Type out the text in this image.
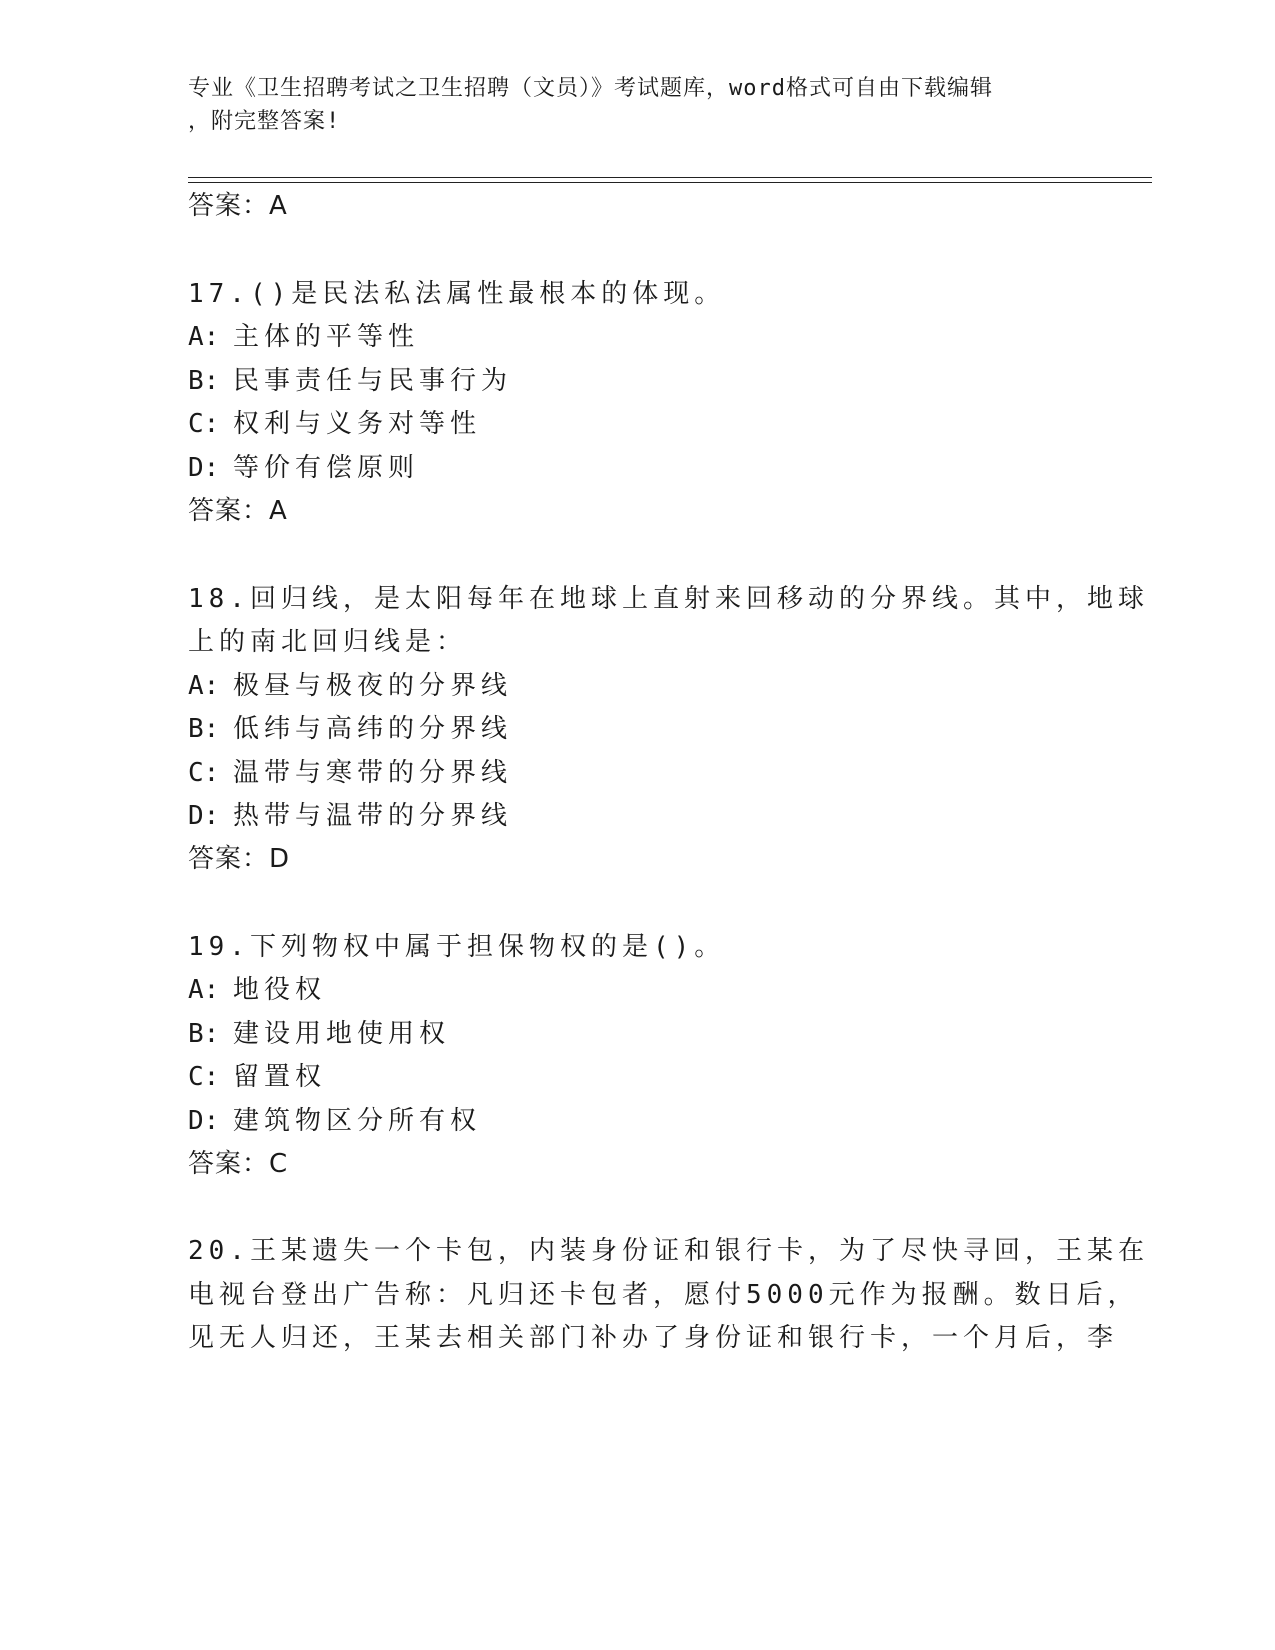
专业《卫生招聘考试之卫生招聘（文员）》考试题库，word格式可自由下载编辑
，附完整答案!
答案：A
17.()是民法私法属性最根本的体现。
A: 主体的平等性
B: 民事责任与民事行为
C: 权利与义务对等性
D: 等价有偿原则
答案：A
18.回归线，是太阳每年在地球上直射来回移动的分界线。其中，地球
上的南北回归线是：
A: 极昼与极夜的分界线
B: 低纬与高纬的分界线
C: 温带与寒带的分界线
D: 热带与温带的分界线
答案：D
19.下列物权中属于担保物权的是()。
A: 地役权
B: 建设用地使用权
C: 留置权
D: 建筑物区分所有权
答案：C
20.王某遗失一个卡包，内装身份证和银行卡，为了尽快寻回，王某在
电视台登出广告称：凡归还卡包者，愿付5000元作为报酬。数日后，
见无人归还，王某去相关部门补办了身份证和银行卡，一个月后，李
